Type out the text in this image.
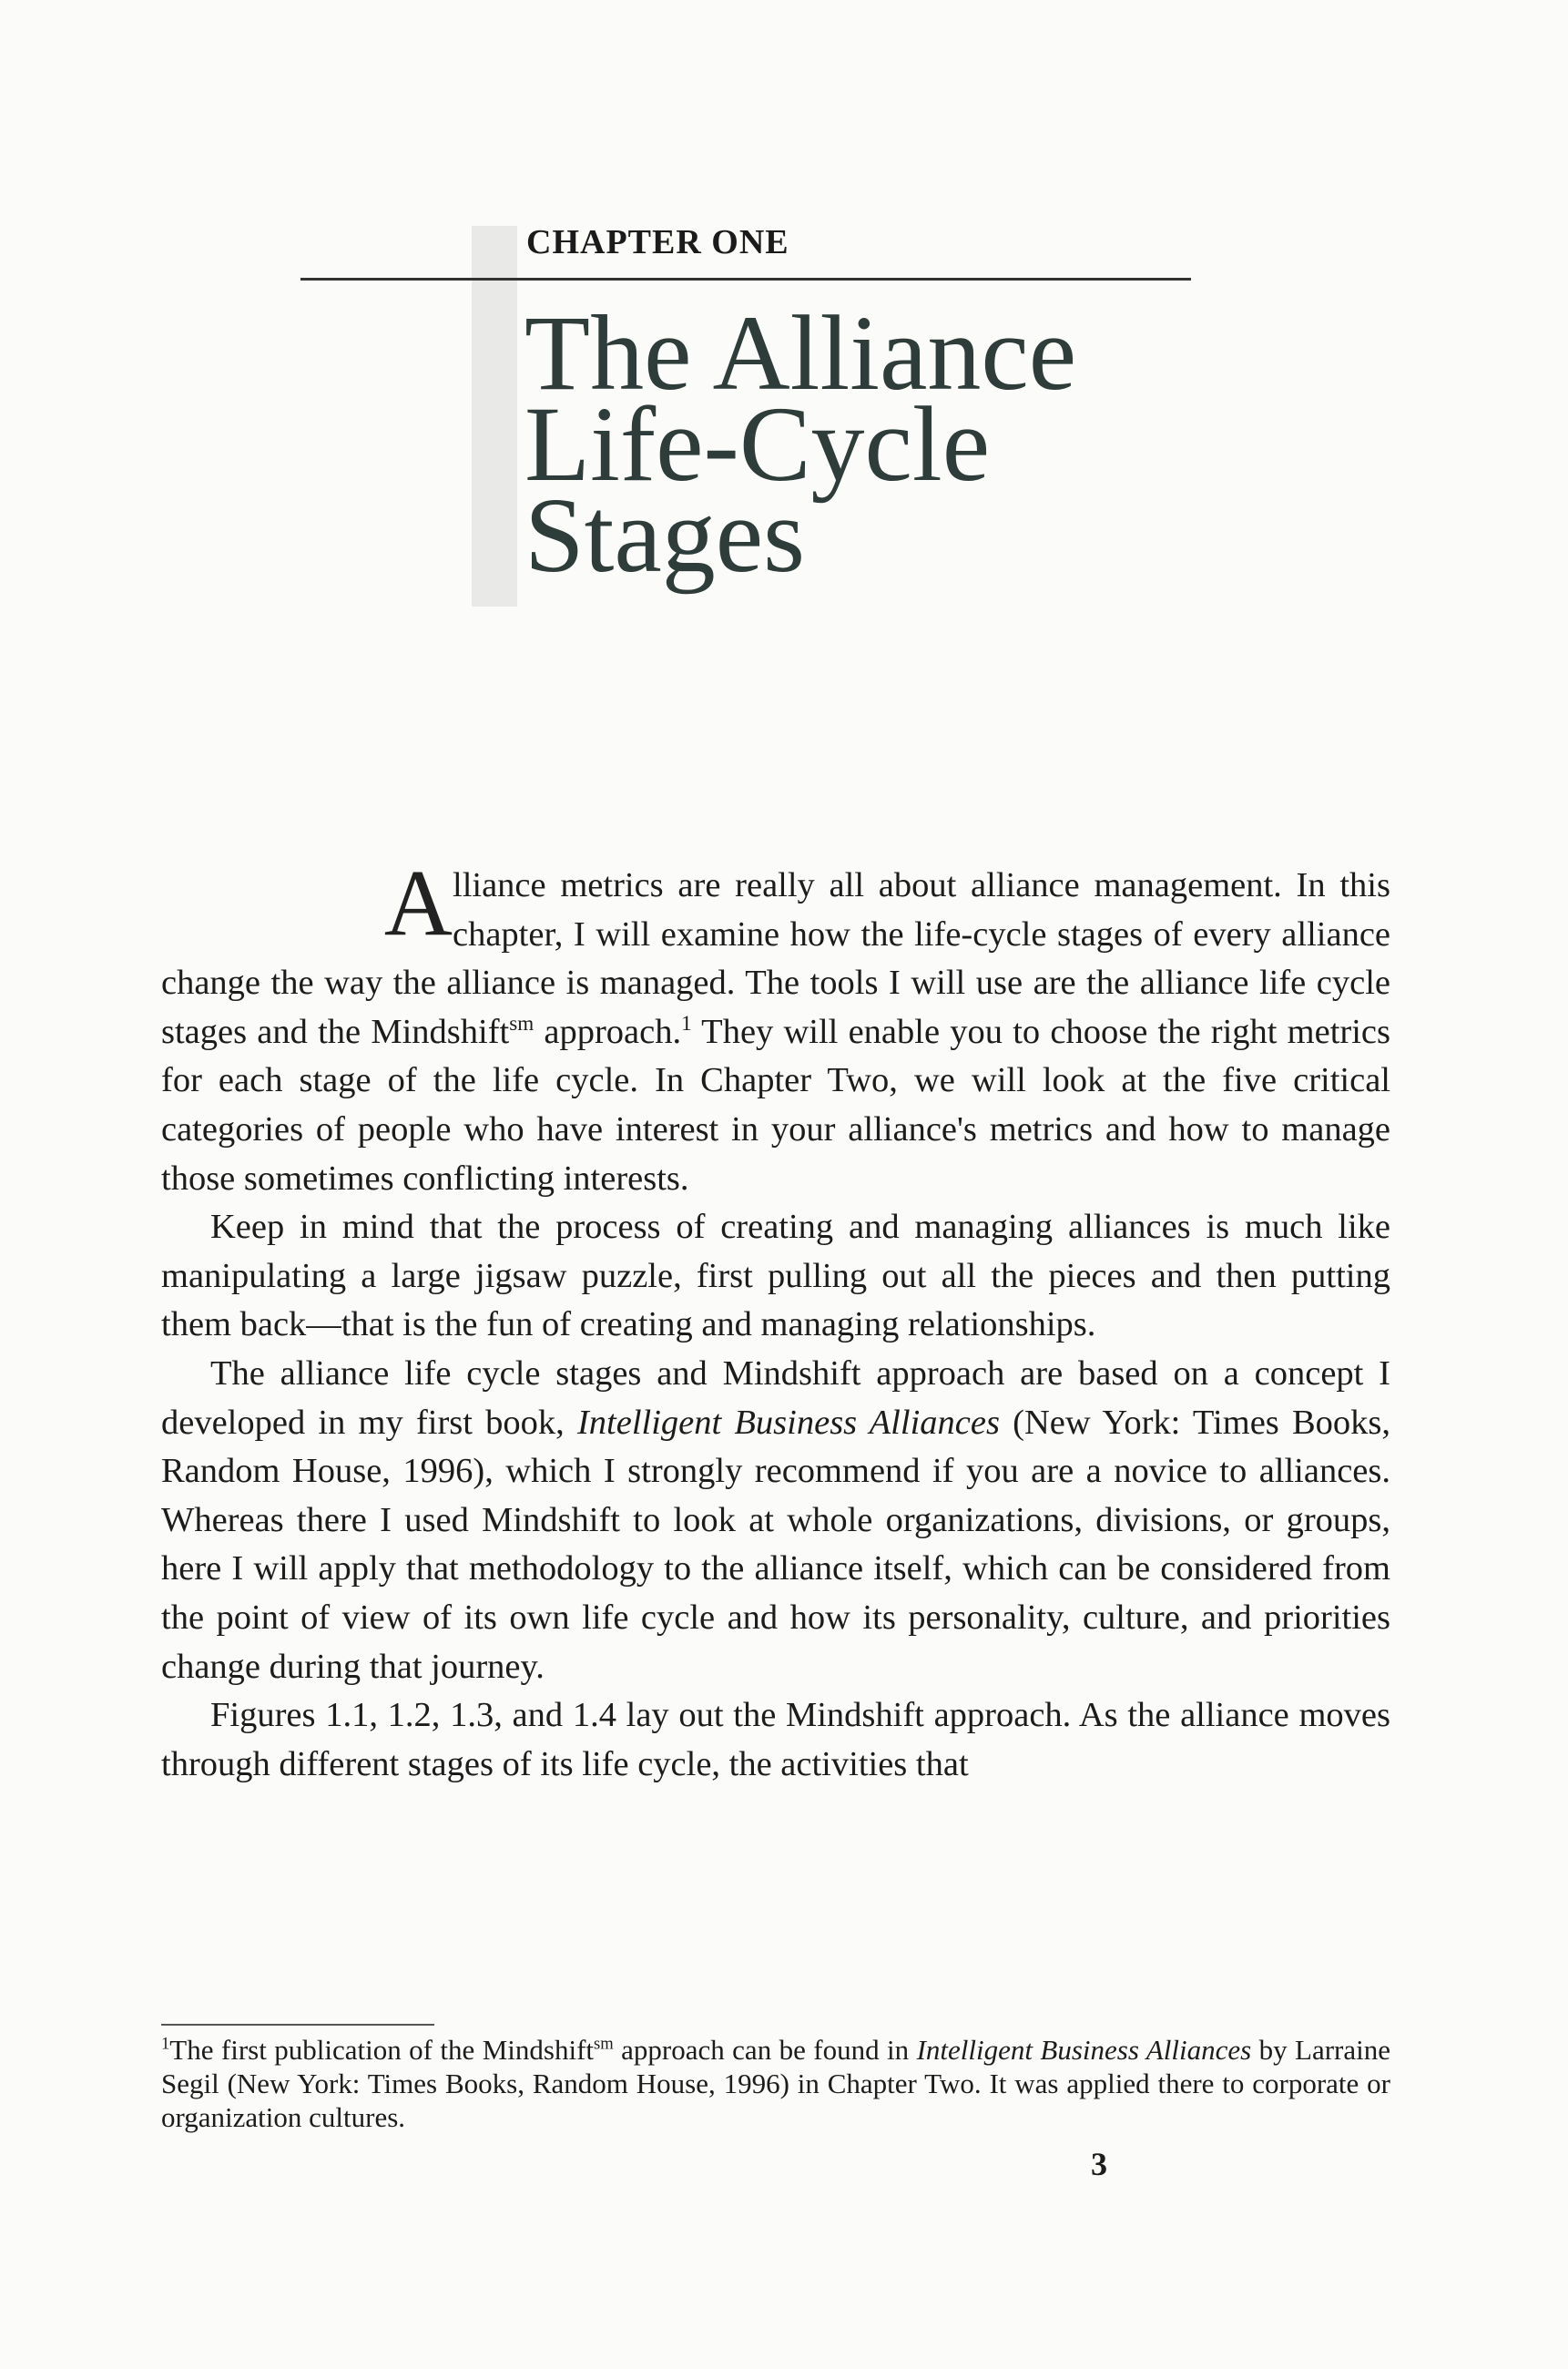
CHAPTER ONE
The Alliance
Life-Cycle
Stages

A lliance metrics are really all about alliance management. In this chapter, I will examine how the life-cycle stages of every alliance change the way the alliance is managed. The tools I will use are the alliance life cycle stages and the Mindshift$^{sm}$ approach.$^1$ They will enable you to choose the right metrics for each stage of the life cycle. In Chapter Two, we will look at the five critical categories of people who have interest in your alliance's metrics and how to manage those sometimes conflicting interests.

Keep in mind that the process of creating and managing alliances is much like manipulating a large jigsaw puzzle, first pulling out all the pieces and then putting them back—that is the fun of creating and managing relationships.

The alliance life cycle stages and Mindshift approach are based on a concept I developed in my first book, Intelligent Business Alliances (New York: Times Books, Random House, 1996), which I strongly recommend if you are a novice to alliances. Whereas there I used Mindshift to look at whole organizations, divisions, or groups, here I will apply that methodology to the alliance itself, which can be considered from the point of view of its own life cycle and how its personality, culture, and priorities change during that journey.

Figures 1.1, 1.2, 1.3, and 1.4 lay out the Mindshift approach. As the alliance moves through different stages of its life cycle, the activities that

$^1$The first publication of the Mindshift$^{sm}$ approach can be found in Intelligent Business Alliances by Larraine Segil (New York: Times Books, Random House, 1996) in Chapter Two. It was applied there to corporate or organization cultures.
3
